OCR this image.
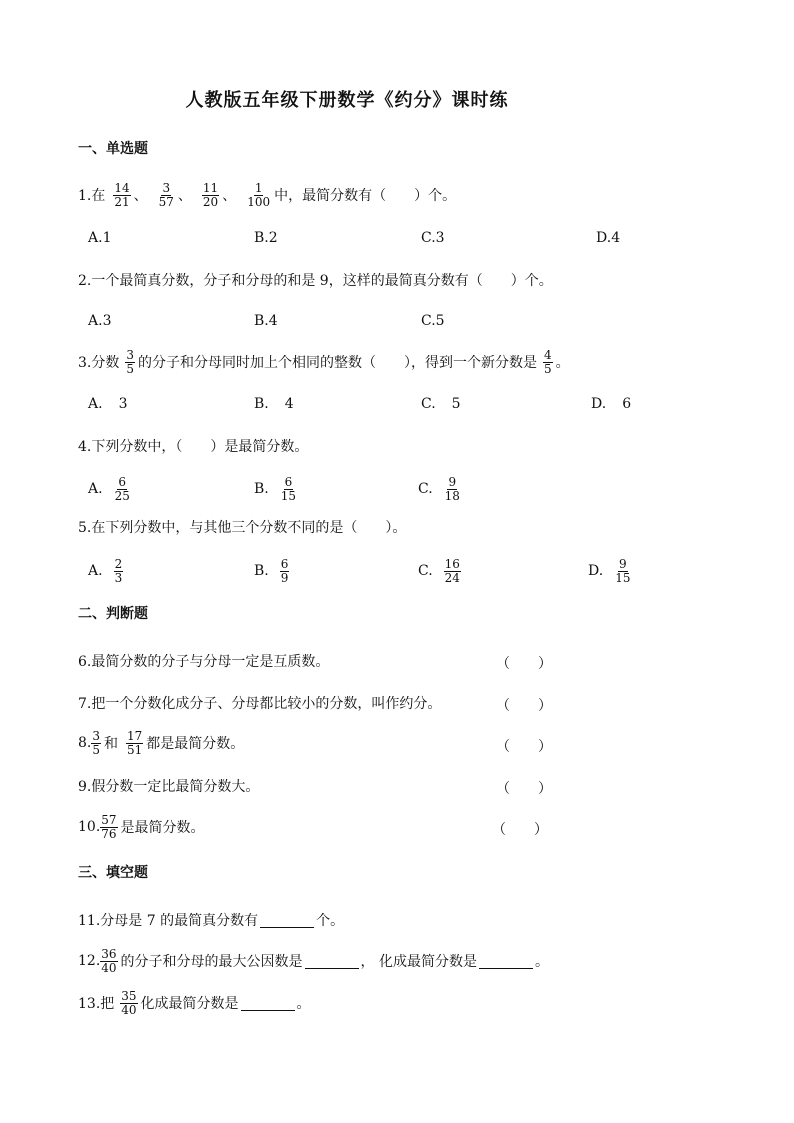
人教版五年级下册数学《约分》课时练
一、单选题
1.在 $\frac{14}{21}$ 、 $\frac{3}{57}$ 、 $\frac{11}{20}$ 、 $\frac{1}{100}$ 中，最简分数有（　　）个。
A. 1	B. 2	C. 3	D. 4
2.一个最简真分数，分子和分母的和是 9，这样的最简真分数有（　　）个。
A. 3	B. 4	C. 5
3.分数 $\frac{3}{5}$ 的分子和分母同时加上个相同的整数（　　），得到一个新分数是 $\frac{4}{5}$ 。
A. 3	B. 4	C. 5	D. 6
4.下列分数中，（　　）是最简分数。
A. $\frac{6}{25}$	B. $\frac{6}{15}$	C. $\frac{9}{18}$
5.在下列分数中，与其他三个分数不同的是（　　）。
A. $\frac{2}{3}$	B. $\frac{6}{9}$	C. $\frac{16}{24}$	D. $\frac{9}{15}$
二、判断题
6.最简分数的分子与分母一定是互质数。	（　　）
7.把一个分数化成分子、分母都比较小的分数，叫作约分。	（　　）
8. $\frac{3}{5}$ 和 $\frac{17}{51}$ 都是最简分数。	（　　）
9.假分数一定比最简分数大。	（　　）
10. $\frac{57}{76}$ 是最简分数。	（　　）
三、填空题
11.分母是 7 的最简真分数有	个。
12. $\frac{36}{40}$ 的分子和分母的最大公因数是	， 化成最简分数是	。
13.把 $\frac{35}{40}$ 化成最简分数是	。
